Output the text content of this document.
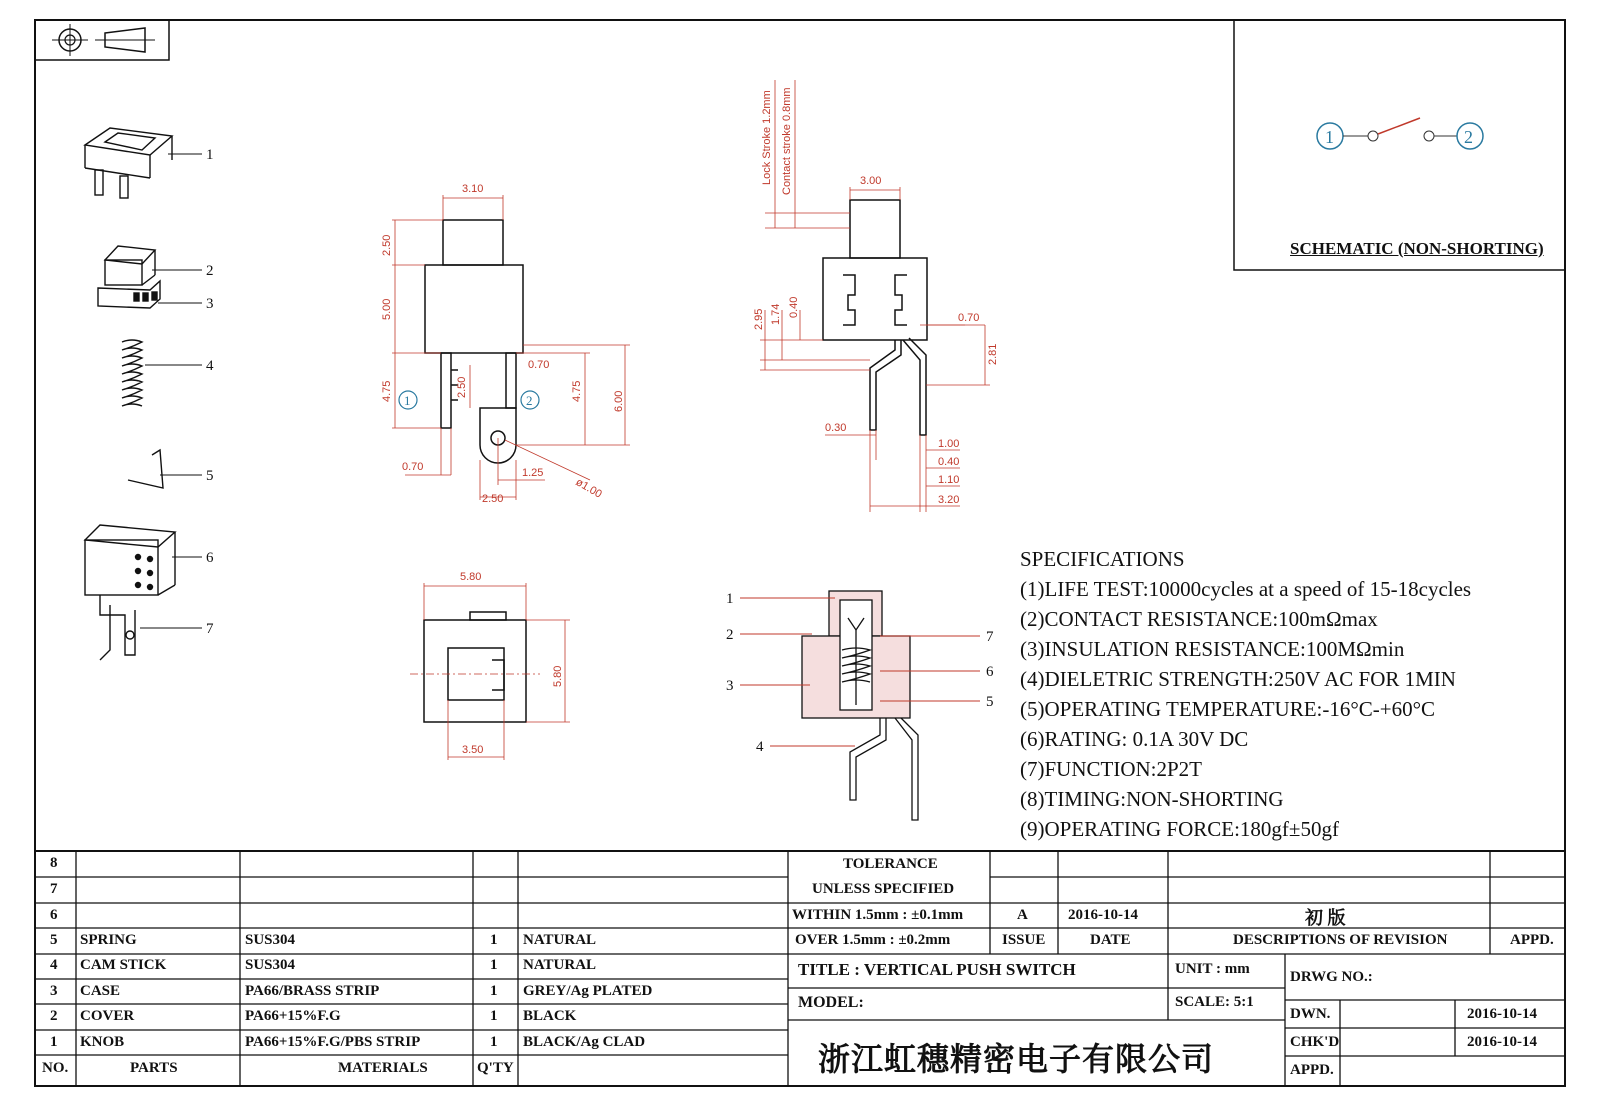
1	2
1
2
3
4
5
6
7
1	2
3.10
2.50
5.00
4.75	2.50
0.70
4.75	6.00
0.70	1.25
2.50	ø1.00
Lock Stroke 1.2mm Contact stroke 0.8mm	3.00
2.95 1.74 0.40	0.70
2.81
0.30
1.00
0.40
1.10
3.20
5.80
5.80
3.50
1
2
3
4
5
6
7
SCHEMATIC (NON-SHORTING)
SPECIFICATIONS
(1)LIFE TEST:10000cycles at a speed of 15-18cycles
(2)CONTACT RESISTANCE:100mΩmax
(3)INSULATION RESISTANCE:100MΩmin
(4)DIELETRIC STRENGTH:250V AC FOR 1MIN
(5)OPERATING TEMPERATURE:-16°C-+60°C
(6)RATING: 0.1A 30V DC
(7)FUNCTION:2P2T
(8)TIMING:NON-SHORTING
(9)OPERATING FORCE:180gf±50gf
8
7
6
5 SPRING	SUS304	1 NATURAL
4 CAM STICK	SUS304	1 NATURAL
3 CASE	PA66/BRASS STRIP	1 GREY/Ag PLATED
2 COVER	PA66+15%F.G	1 BLACK
1 KNOB	PA66+15%F.G/PBS STRIP	1 BLACK/Ag CLAD
NO.	PARTS	MATERIALS	Q'TY
TOLERANCE
UNLESS SPECIFIED
WITHIN 1.5mm : ±0.1mm
OVER 1.5mm : ±0.2mm
A	2016-10-14	初 版
ISSUE	DATE	DESCRIPTIONS OF REVISION	APPD.
TITLE : VERTICAL PUSH SWITCH	UNIT : mm	DRWG NO.:
MODEL:	SCALE: 5:1
DWN.	2016-10-14
CHK'D	2016-10-14
APPD.
浙江虹穗精密电子有限公司
